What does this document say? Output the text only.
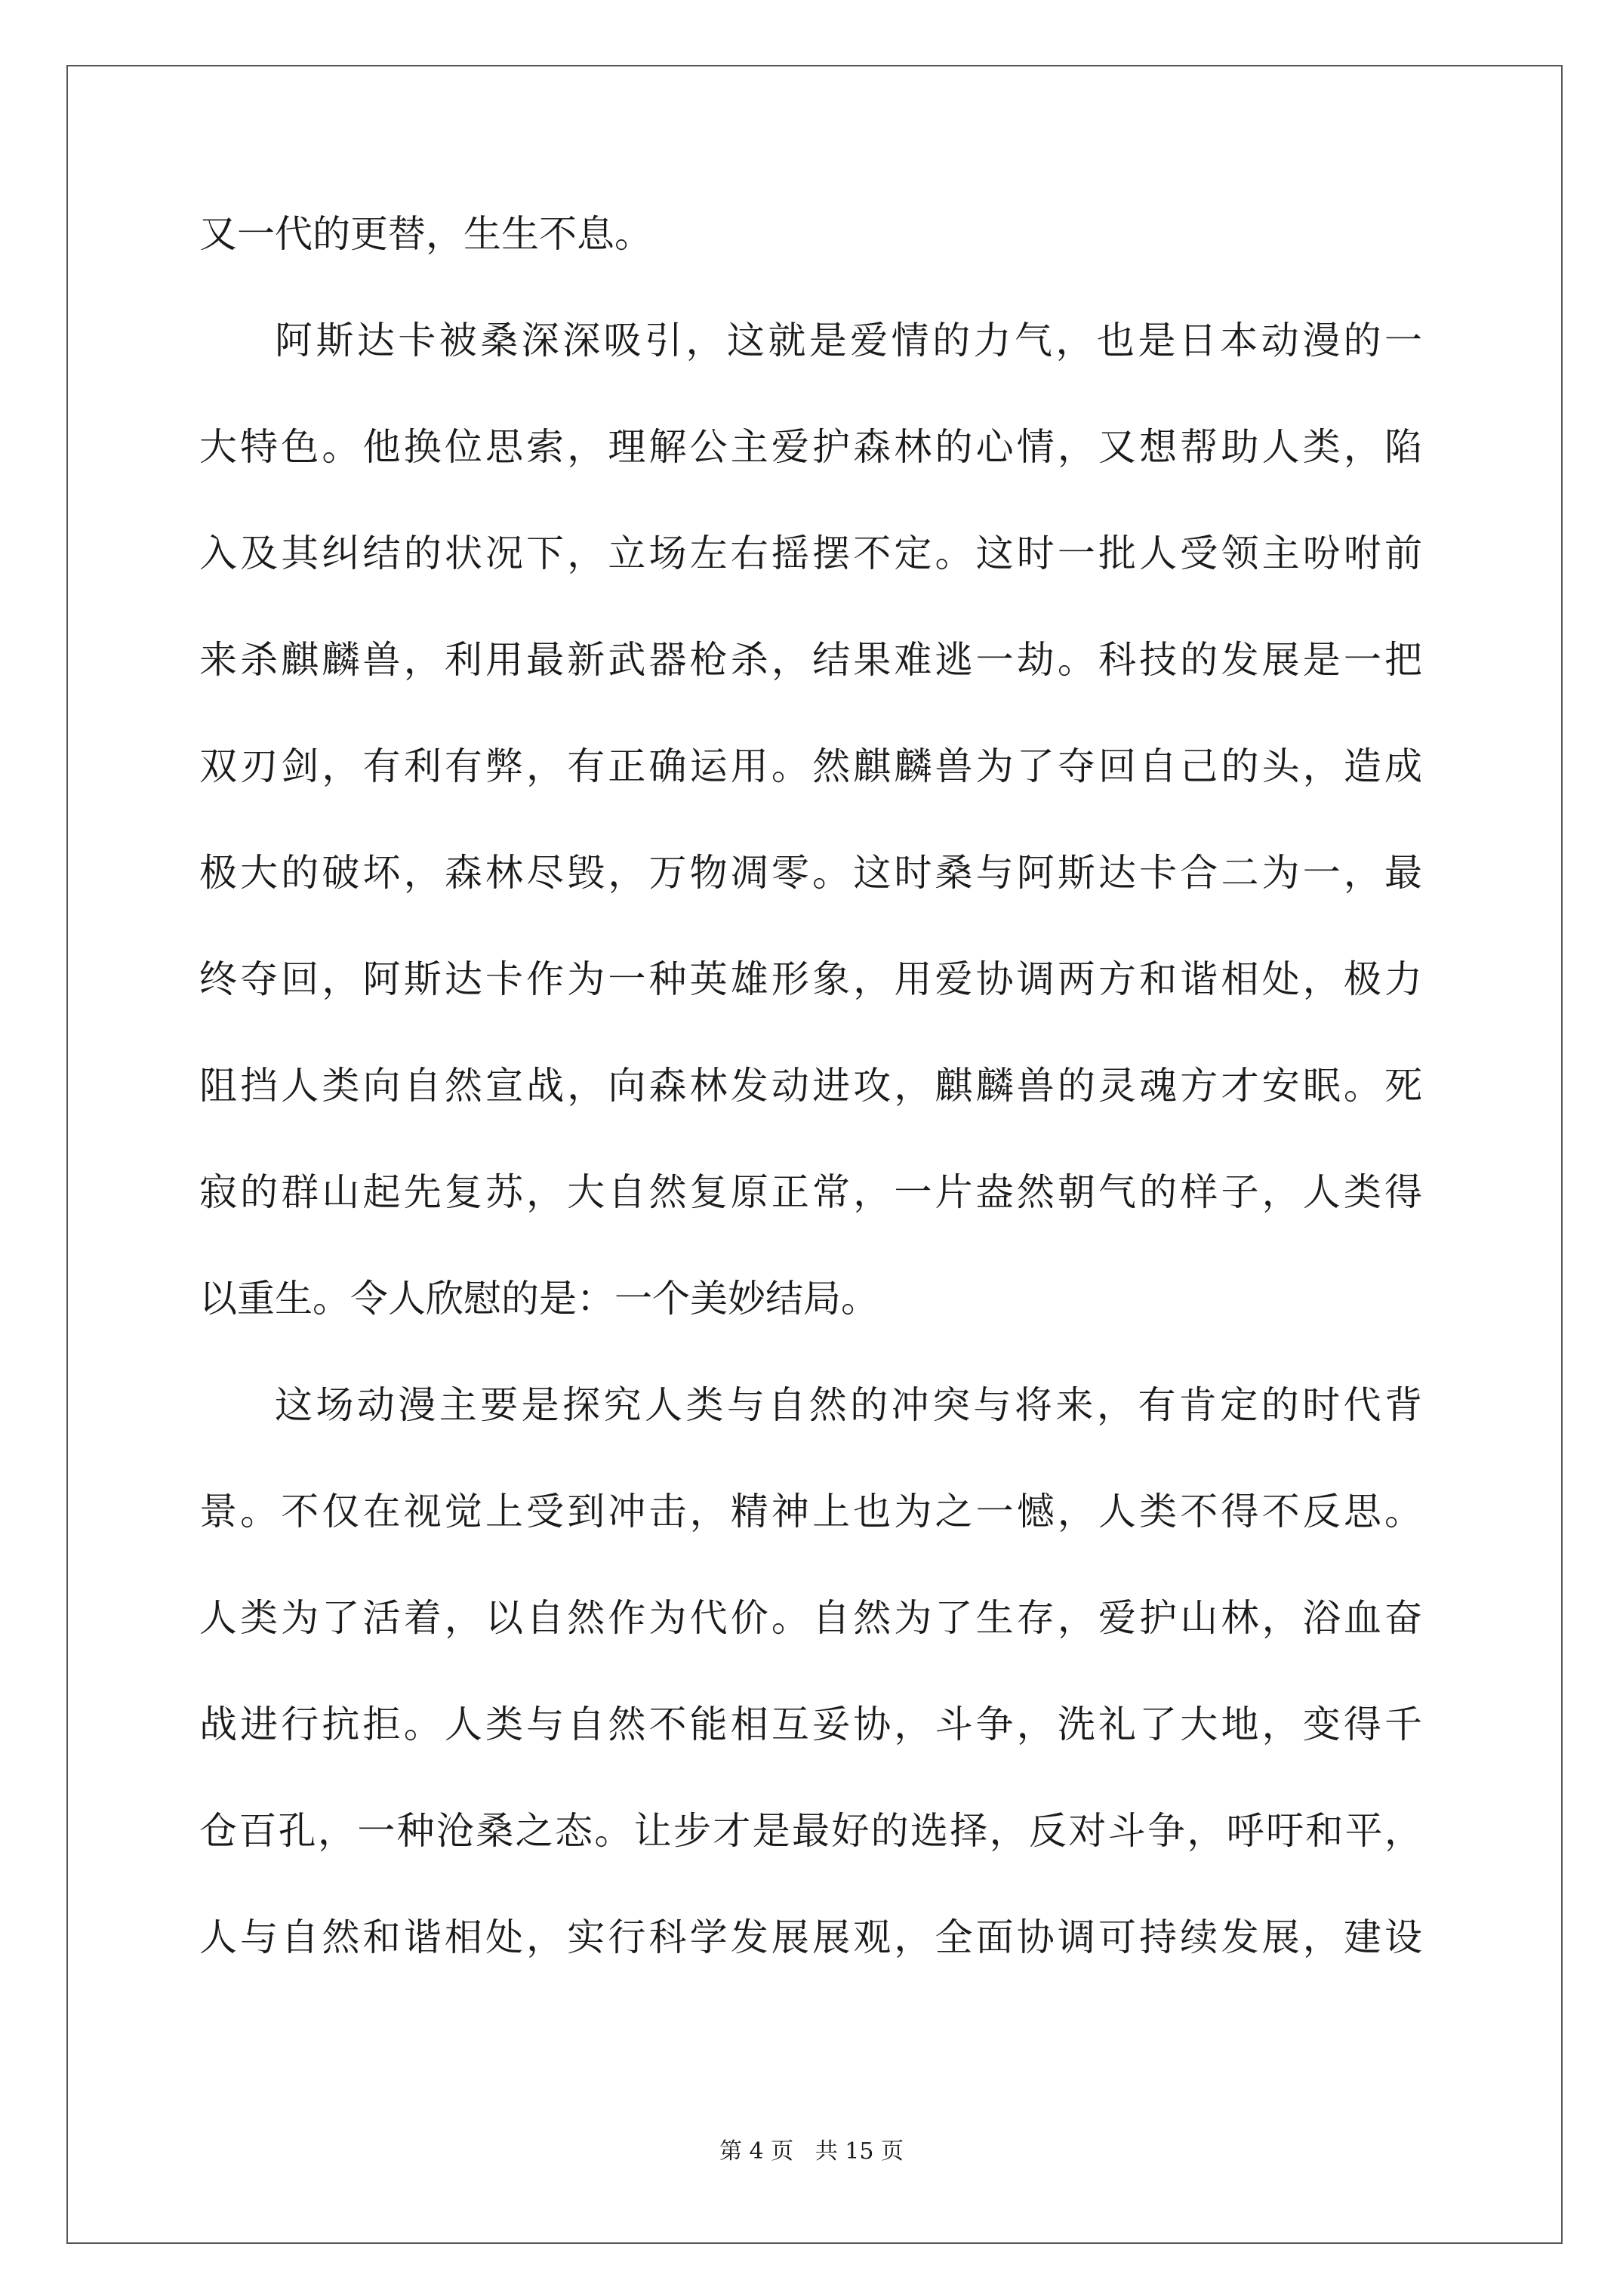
又一代的更替，生生不息。
阿斯达卡被桑深深吸引，这就是爱情的力气，也是日本动漫的一
大特色。他换位思索，理解公主爱护森林的心情，又想帮助人类，陷
入及其纠结的状况下，立场左右摇摆不定。这时一批人受领主吩咐前
来杀麒麟兽，利用最新武器枪杀，结果难逃一劫。科技的发展是一把
双刃剑，有利有弊，有正确运用。然麒麟兽为了夺回自己的头，造成
极大的破坏，森林尽毁，万物凋零。这时桑与阿斯达卡合二为一，最
终夺回，阿斯达卡作为一种英雄形象，用爱协调两方和谐相处，极力
阻挡人类向自然宣战，向森林发动进攻，麒麟兽的灵魂方才安眠。死
寂的群山起先复苏，大自然复原正常，一片盎然朝气的样子，人类得
以重生。令人欣慰的是：一个美妙结局。
这场动漫主要是探究人类与自然的冲突与将来，有肯定的时代背
景。不仅在视觉上受到冲击，精神上也为之一憾，人类不得不反思。
人类为了活着，以自然作为代价。自然为了生存，爱护山林，浴血奋
战进行抗拒。人类与自然不能相互妥协，斗争，洗礼了大地，变得千
仓百孔，一种沧桑之态。让步才是最好的选择，反对斗争，呼吁和平，
人与自然和谐相处，实行科学发展展观，全面协调可持续发展，建设
第 4 页 共 15 页
